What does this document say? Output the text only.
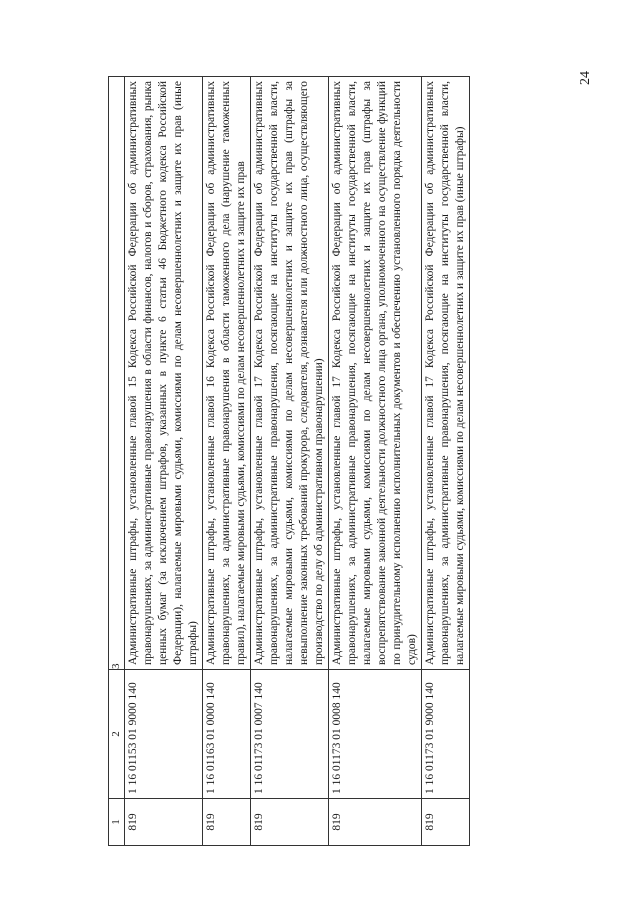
24
1	2	3
819	1 16 01153 01 9000 140	Административные штрафы, установленные главой 15 Кодекса Российской Федерации об административных правонарушениях, за административные правонарушения в области финансов, налогов и сборов, страхования, рынка ценных бумаг (за исключением штрафов, указанных в пункте 6 статьи 46 Бюджетного кодекса Российской Федерации), налагаемые мировыми судьями, комиссиями по делам несовершеннолетних и защите их прав (иные штрафы)
819	1 16 01163 01 0000 140	Административные штрафы, установленные главой 16 Кодекса Российской Федерации об административных правонарушениях, за административные правонарушения в области таможенного дела (нарушение таможенных правил), налагаемые мировыми судьями, комиссиями по делам несовершеннолетних и защите их прав
819	1 16 01173 01 0007 140	Административные штрафы, установленные главой 17 Кодекса Российской Федерации об административных правонарушениях, за административные правонарушения, посягающие на институты государственной власти, налагаемые мировыми судьями, комиссиями по делам несовершеннолетних и защите их прав (штрафы за невыполнение законных требований прокурора, следователя, дознавателя или должностного лица, осуществляющего производство по делу об административном правонарушении)
819	1 16 01173 01 0008 140	Административные штрафы, установленные главой 17 Кодекса Российской Федерации об административных правонарушениях, за административные правонарушения, посягающие на институты государственной власти, налагаемые мировыми судьями, комиссиями по делам несовершеннолетних и защите их прав (штрафы за воспрепятствование законной деятельности должностного лица органа, уполномоченного на осуществление функций по принудительному исполнению исполнительных документов и обеспечению установленного порядка деятельности судов)
819	1 16 01173 01 9000 140	Административные штрафы, установленные главой 17 Кодекса Российской Федерации об административных правонарушениях, за административные правонарушения, посягающие на институты государственной власти, налагаемые мировыми судьями, комиссиями по делам несовершеннолетних и защите их прав (иные штрафы)
